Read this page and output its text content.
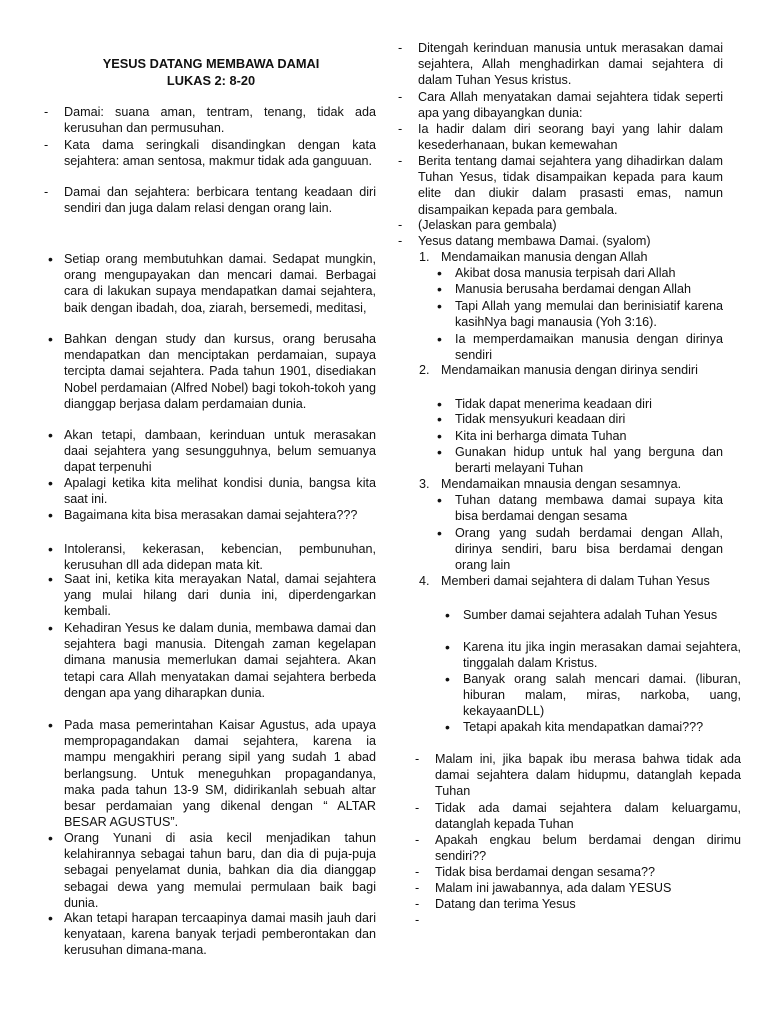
YESUS DATANG MEMBAWA DAMAI
LUKAS 2: 8-20
- Damai: suana aman, tentram, tenang, tidak ada kerusuhan dan permusuhan.
- Kata dama seringkali disandingkan dengan kata sejahtera: aman sentosa, makmur tidak ada ganguuan.
- Damai dan sejahtera: berbicara tentang keadaan diri sendiri dan juga dalam relasi dengan orang lain.
• Setiap orang membutuhkan damai. Sedapat mungkin, orang mengupayakan dan mencari damai. Berbagai cara di lakukan supaya mendapatkan damai sejahtera, baik dengan ibadah, doa, ziarah, bersemedi, meditasi,
• Bahkan dengan study dan kursus, orang berusaha mendapatkan dan menciptakan perdamaian, supaya tercipta damai sejahtera. Pada tahun 1901, disediakan Nobel perdamaian (Alfred Nobel) bagi tokoh-tokoh yang dianggap berjasa dalam perdamaian dunia.
• Akan tetapi, dambaan, kerinduan untuk merasakan daai sejahtera yang sesungguhnya, belum semuanya dapat terpenuhi
• Apalagi ketika kita melihat kondisi dunia, bangsa kita saat ini.
• Bagaimana kita bisa merasakan damai sejahtera???
• Intoleransi, kekerasan, kebencian, pembunuhan, kerusuhan dll ada didepan mata kit.
• Saat ini, ketika kita merayakan Natal, damai sejahtera yang mulai hilang dari dunia ini, diperdengarkan kembali.
• Kehadiran Yesus ke dalam dunia, membawa damai dan sejahtera bagi manusia. Ditengah zaman kegelapan dimana manusia memerlukan damai sejahtera. Akan tetapi cara Allah menyatakan damai sejahtera berbeda dengan apa yang diharapkan dunia.
• Pada masa pemerintahan Kaisar Agustus, ada upaya mempropagandakan damai sejahtera, karena ia mampu mengakhiri perang sipil yang sudah 1 abad berlangsung. Untuk meneguhkan propagandanya, maka pada tahun 13-9 SM, didirikanlah sebuah altar besar perdamaian yang dikenal dengan “ ALTAR BESAR AGUSTUS”.
• Orang Yunani di asia kecil menjadikan tahun kelahirannya sebagai tahun baru, dan dia di puja-puja sebagai penyelamat dunia, bahkan dia dia dianggap sebagai dewa yang memulai permulaan baik bagi dunia.
• Akan tetapi harapan tercaapinya damai masih jauh dari kenyataan, karena banyak terjadi pemberontakan dan kerusuhan dimana-mana.
- Ditengah kerinduan manusia untuk merasakan damai sejahtera, Allah menghadirkan damai sejahtera di dalam Tuhan Yesus kristus.
- Cara Allah menyatakan damai sejahtera tidak seperti apa yang dibayangkan dunia:
- Ia hadir dalam diri seorang bayi yang lahir dalam kesederhanaan, bukan kemewahan
- Berita tentang damai sejahtera yang dihadirkan dalam Tuhan Yesus, tidak disampaikan kepada para kaum elite dan diukir dalam prasasti emas, namun disampaikan kepada para gembala.
- (Jelaskan para gembala)
- Yesus datang membawa Damai. (syalom)
1. Mendamaikan manusia dengan Allah
• Akibat dosa manusia terpisah dari Allah
• Manusia berusaha berdamai dengan Allah
• Tapi Allah yang memulai dan berinisiatif karena kasihNya bagi manausia (Yoh 3:16).
• Ia memperdamaikan manusia dengan dirinya sendiri
2. Mendamaikan manusia dengan dirinya sendiri
• Tidak dapat menerima keadaan diri
• Tidak mensyukuri keadaan diri
• Kita ini berharga dimata Tuhan
• Gunakan hidup untuk hal yang berguna dan berarti melayani Tuhan
3. Mendamaikan mnausia dengan sesamnya.
• Tuhan datang membawa damai supaya kita bisa berdamai dengan sesama
• Orang yang sudah berdamai dengan Allah, dirinya sendiri, baru bisa berdamai dengan orang lain
4. Memberi damai sejahtera di dalam Tuhan Yesus
• Sumber damai sejahtera adalah Tuhan Yesus
• Karena itu jika ingin merasakan damai sejahtera, tinggalah dalam Kristus.
• Banyak orang salah mencari damai. (liburan, hiburan malam, miras, narkoba, uang, kekayaanDLL)
• Tetapi apakah kita mendapatkan damai???
- Malam ini, jika bapak ibu merasa bahwa tidak ada damai sejahtera dalam hidupmu, datanglah kepada Tuhan
- Tidak ada damai sejahtera dalam keluargamu, datanglah kepada Tuhan
- Apakah engkau belum berdamai dengan dirimu sendiri??
- Tidak bisa berdamai dengan sesama??
- Malam ini jawabannya, ada dalam YESUS
- Datang dan terima Yesus
-
